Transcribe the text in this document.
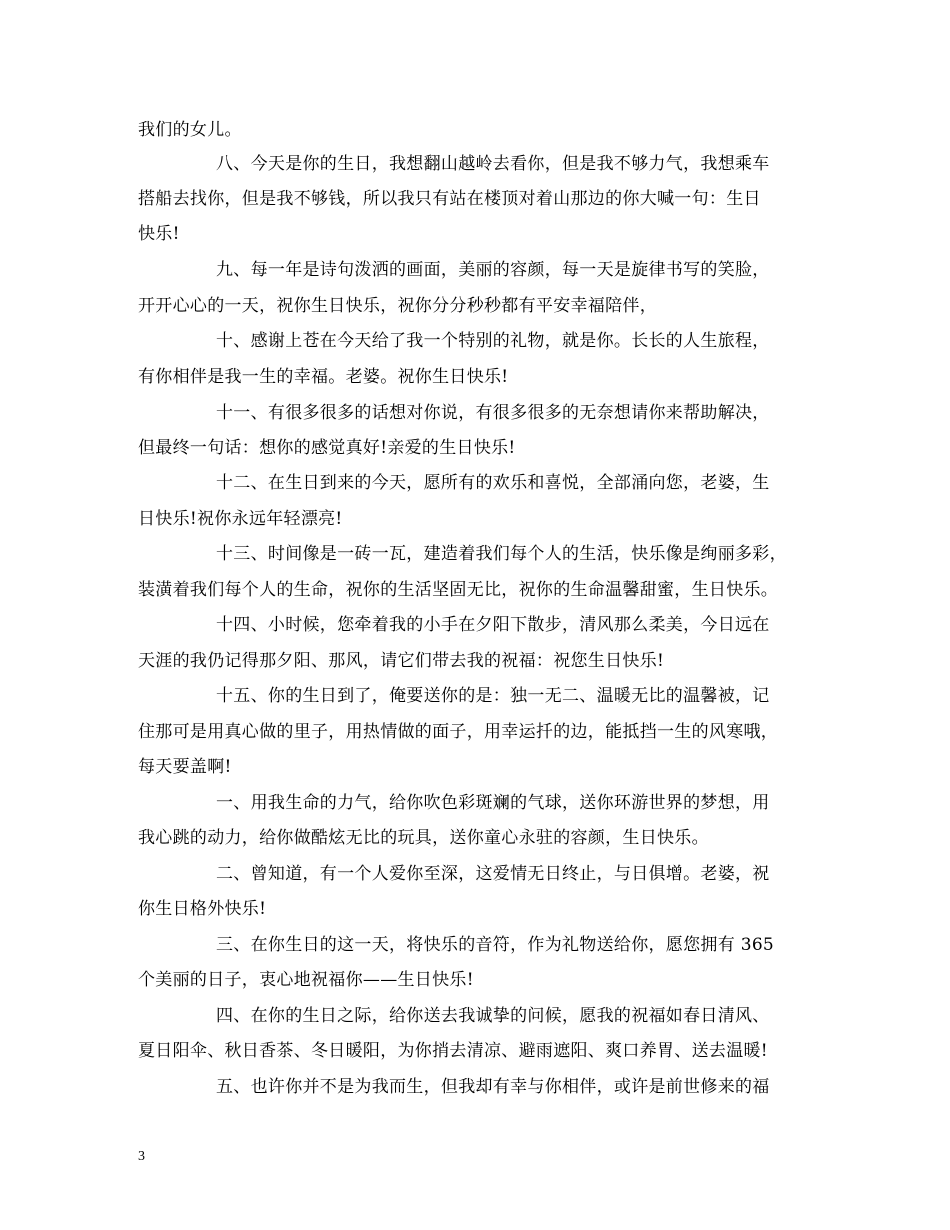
我们的女儿。
八、今天是你的生日，我想翻山越岭去看你，但是我不够力气，我想乘车
搭船去找你，但是我不够钱，所以我只有站在楼顶对着山那边的你大喊一句：生日
快乐!
九、每一年是诗句泼洒的画面，美丽的容颜，每一天是旋律书写的笑脸，
开开心心的一天，祝你生日快乐，祝你分分秒秒都有平安幸福陪伴，
十、感谢上苍在今天给了我一个特别的礼物，就是你。长长的人生旅程，
有你相伴是我一生的幸福。老婆。祝你生日快乐!
十一、有很多很多的话想对你说，有很多很多的无奈想请你来帮助解决，
但最终一句话：想你的感觉真好!亲爱的生日快乐!
十二、在生日到来的今天，愿所有的欢乐和喜悦，全部涌向您，老婆，生
日快乐!祝你永远年轻漂亮!
十三、时间像是一砖一瓦，建造着我们每个人的生活，快乐像是绚丽多彩，
装潢着我们每个人的生命，祝你的生活坚固无比，祝你的生命温馨甜蜜，生日快乐。
十四、小时候，您牵着我的小手在夕阳下散步，清风那么柔美，今日远在
天涯的我仍记得那夕阳、那风，请它们带去我的祝福：祝您生日快乐!
十五、你的生日到了，俺要送你的是：独一无二、温暖无比的温馨被，记
住那可是用真心做的里子，用热情做的面子，用幸运扦的边，能抵挡一生的风寒哦，
每天要盖啊!
一、用我生命的力气，给你吹色彩斑斓的气球，送你环游世界的梦想，用
我心跳的动力，给你做酷炫无比的玩具，送你童心永驻的容颜，生日快乐。
二、曾知道，有一个人爱你至深，这爱情无日终止，与日俱增。老婆，祝
你生日格外快乐!
三、在你生日的这一天，将快乐的音符，作为礼物送给你，愿您拥有 365
个美丽的日子，衷心地祝福你——生日快乐!
四、在你的生日之际，给你送去我诚挚的问候，愿我的祝福如春日清风、
夏日阳伞、秋日香茶、冬日暖阳，为你捎去清凉、避雨遮阳、爽口养胃、送去温暖!
五、也许你并不是为我而生，但我却有幸与你相伴，或许是前世修来的福
3
